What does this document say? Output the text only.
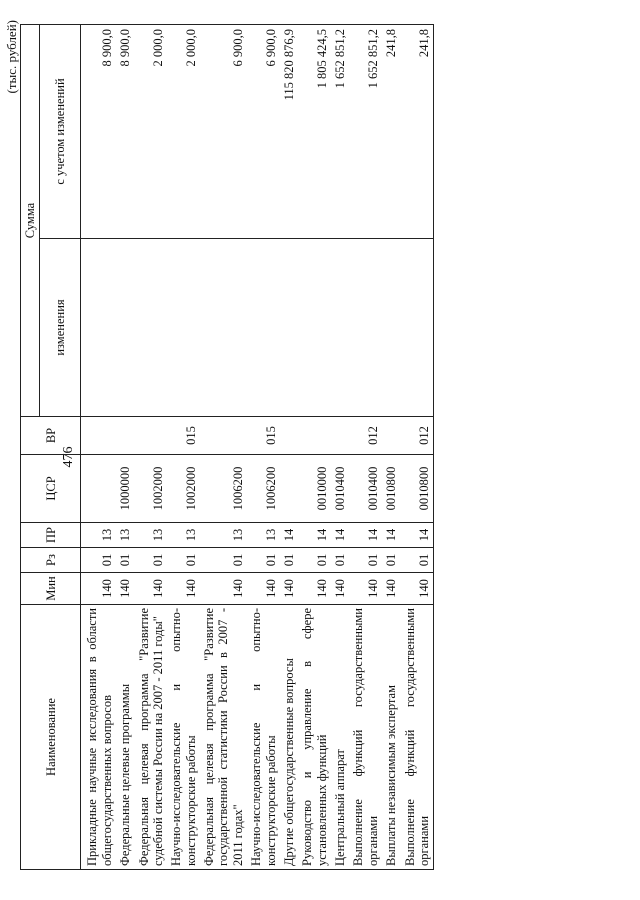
476
(тыс. рублей)
Наименование	Мин	Рз	ПР	ЦСР	ВР	Сумма	
						изменения	с учетом изменений
Прикладные научные исследования в области общегосударственных вопросов	140	01	13				8 900,0
Федеральные целевые программы	140	01	13	1000000			8 900,0
Федеральная целевая программа "Развитие судебной системы России на 2007 - 2011 годы"	140	01	13	1002000			2 000,0
Научно-исследовательские и опытно-конструкторские работы	140	01	13	1002000	015		2 000,0
Федеральная целевая программа "Развитие государственной статистики России в 2007 - 2011 годах"	140	01	13	1006200			6 900,0
Научно-исследовательские и опытно-конструкторские работы	140	01	13	1006200	015		6 900,0
Другие общегосударственные вопросы	140	01	14				115 820 876,9
Руководство и управление в сфере установленных функций	140	01	14	0010000			1 805 424,5
Центральный аппарат	140	01	14	0010400			1 652 851,2
Выполнение функций государственными органами	140	01	14	0010400	012		1 652 851,2
Выплаты независимым экспертам	140	01	14	0010800			241,8
Выполнение функций государственными органами	140	01	14	0010800	012		241,8
